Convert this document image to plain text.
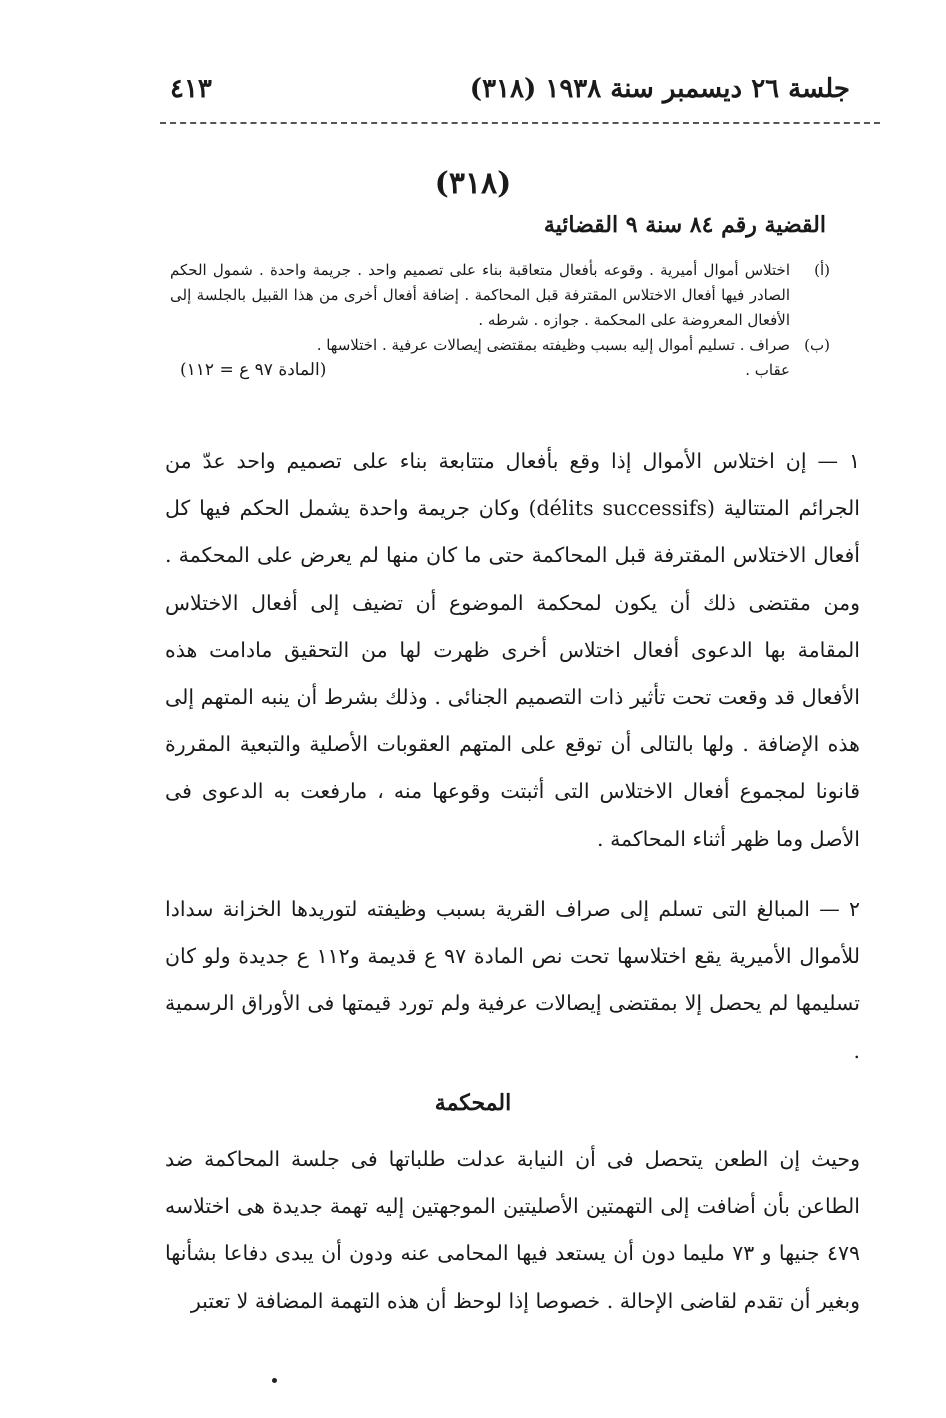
جلسة ٢٦ ديسمبر سنة ١٩٣٨ (٣١٨)
٤١٣
(٣١٨)
القضية رقم ٨٤ سنة ٩ القضائية

(أ)
اختلاس أموال أميرية . وقوعه بأفعال متعاقبة بناء على تصميم واحد . جريمة واحدة . شمول الحكم الصادر فيها أفعال الاختلاس المقترفة قبل المحاكمة . إضافة أفعال أخرى من هذا القبيل بالجلسة إلى الأفعال المعروضة على المحكمة . جوازه . شرطه .

(ب)
صراف . تسليم أموال إليه بسبب وظيفته بمقتضى إيصالات عرفية . اختلاسها .

عقاب .
(المادة ٩٧ ع = ١١٢)

١ — إن اختلاس الأموال إذا وقع بأفعال متتابعة بناء على تصميم واحد عدّ من الجرائم المتتالية (délits successifs) وكان جريمة واحدة يشمل الحكم فيها كل أفعال الاختلاس المقترفة قبل المحاكمة حتى ما كان منها لم يعرض على المحكمة . ومن مقتضى ذلك أن يكون لمحكمة الموضوع أن تضيف إلى أفعال الاختلاس المقامة بها الدعوى أفعال اختلاس أخرى ظهرت لها من التحقيق مادامت هذه الأفعال قد وقعت تحت تأثير ذات التصميم الجنائى . وذلك بشرط أن ينبه المتهم إلى هذه الإضافة . ولها بالتالى أن توقع على المتهم العقوبات الأصلية والتبعية المقررة قانونا لمجموع أفعال الاختلاس التى أثبتت وقوعها منه ، مارفعت به الدعوى فى الأصل وما ظهر أثناء المحاكمة .

٢ — المبالغ التى تسلم إلى صراف القرية بسبب وظيفته لتوريدها الخزانة سدادا للأموال الأميرية يقع اختلاسها تحت نص المادة ٩٧ ع قديمة و١١٢ ع جديدة ولو كان تسليمها لم يحصل إلا بمقتضى إيصالات عرفية ولم تورد قيمتها فى الأوراق الرسمية .

المحكمة

وحيث إن الطعن يتحصل فى أن النيابة عدلت طلباتها فى جلسة المحاكمة ضد الطاعن بأن أضافت إلى التهمتين الأصليتين الموجهتين إليه تهمة جديدة هى اختلاسه ٤٧٩ جنيها و ٧٣ مليما دون أن يستعد فيها المحامى عنه ودون أن يبدى دفاعا بشأنها وبغير أن تقدم لقاضى الإحالة . خصوصا إذا لوحظ أن هذه التهمة المضافة لا تعتبر
